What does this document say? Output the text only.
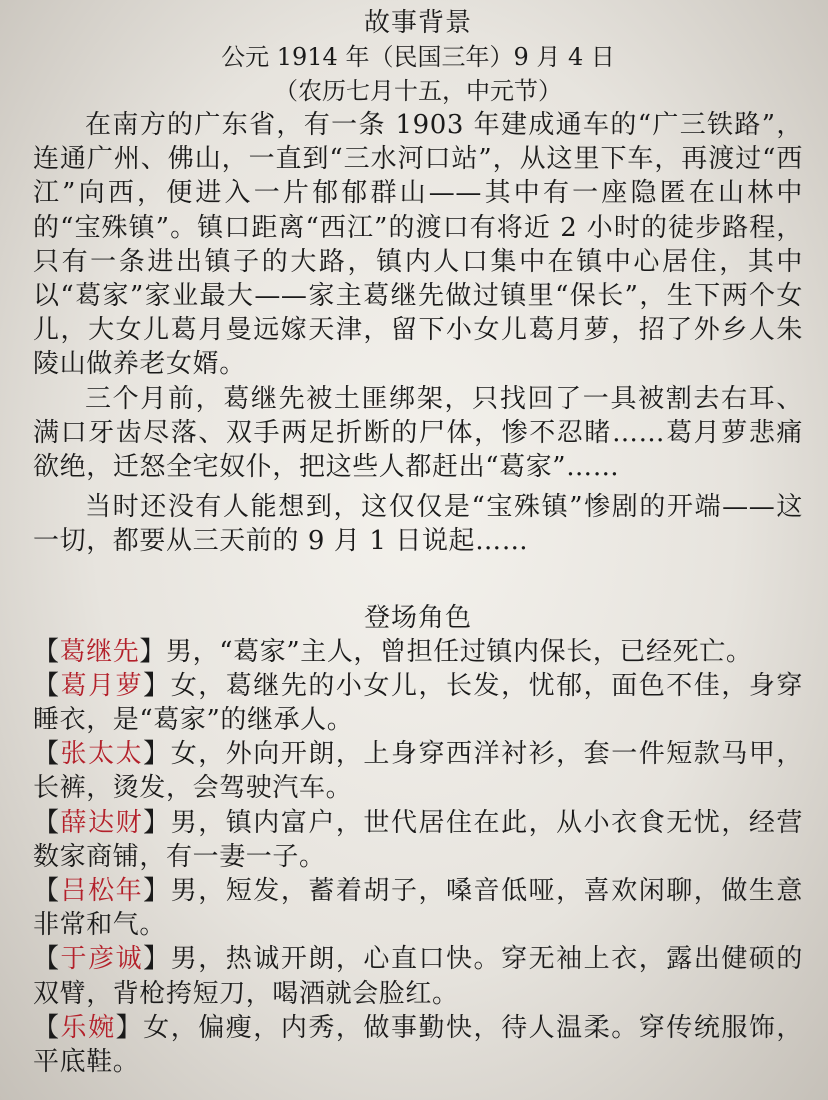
故事背景
公元 1914 年（民国三年）9 月 4 日
（农历七月十五，中元节）

在南方的广东省，有一条 1903 年建成通车的“广三铁路”，连通广州、佛山，一直到“三水河口站”，从这里下车，再渡过“西江”向西，便进入一片郁郁群山——其中有一座隐匿在山林中的“宝殊镇”。镇口距离“西江”的渡口有将近 2 小时的徒步路程，只有一条进出镇子的大路，镇内人口集中在镇中心居住，其中以“葛家”家业最大——家主葛继先做过镇里“保长”，生下两个女儿，大女儿葛月曼远嫁天津，留下小女儿葛月萝，招了外乡人朱陵山做养老女婿。

三个月前，葛继先被土匪绑架，只找回了一具被割去右耳、满口牙齿尽落、双手两足折断的尸体，惨不忍睹……葛月萝悲痛欲绝，迁怒全宅奴仆，把这些人都赶出“葛家”……

当时还没有人能想到，这仅仅是“宝殊镇”惨剧的开端——这一切，都要从三天前的 9 月 1 日说起……

登场角色
【葛继先】男，“葛家”主人，曾担任过镇内保长，已经死亡。
【葛月萝】女，葛继先的小女儿，长发，忧郁，面色不佳，身穿睡衣，是“葛家”的继承人。
【张太太】女，外向开朗，上身穿西洋衬衫，套一件短款马甲，长裤，烫发，会驾驶汽车。
【薛达财】男，镇内富户，世代居住在此，从小衣食无忧，经营数家商铺，有一妻一子。
【吕松年】男，短发，蓄着胡子，嗓音低哑，喜欢闲聊，做生意非常和气。
【于彦诚】男，热诚开朗，心直口快。穿无袖上衣，露出健硕的双臂，背枪挎短刀，喝酒就会脸红。
【乐婉】女，偏瘦，内秀，做事勤快，待人温柔。穿传统服饰，平底鞋。
